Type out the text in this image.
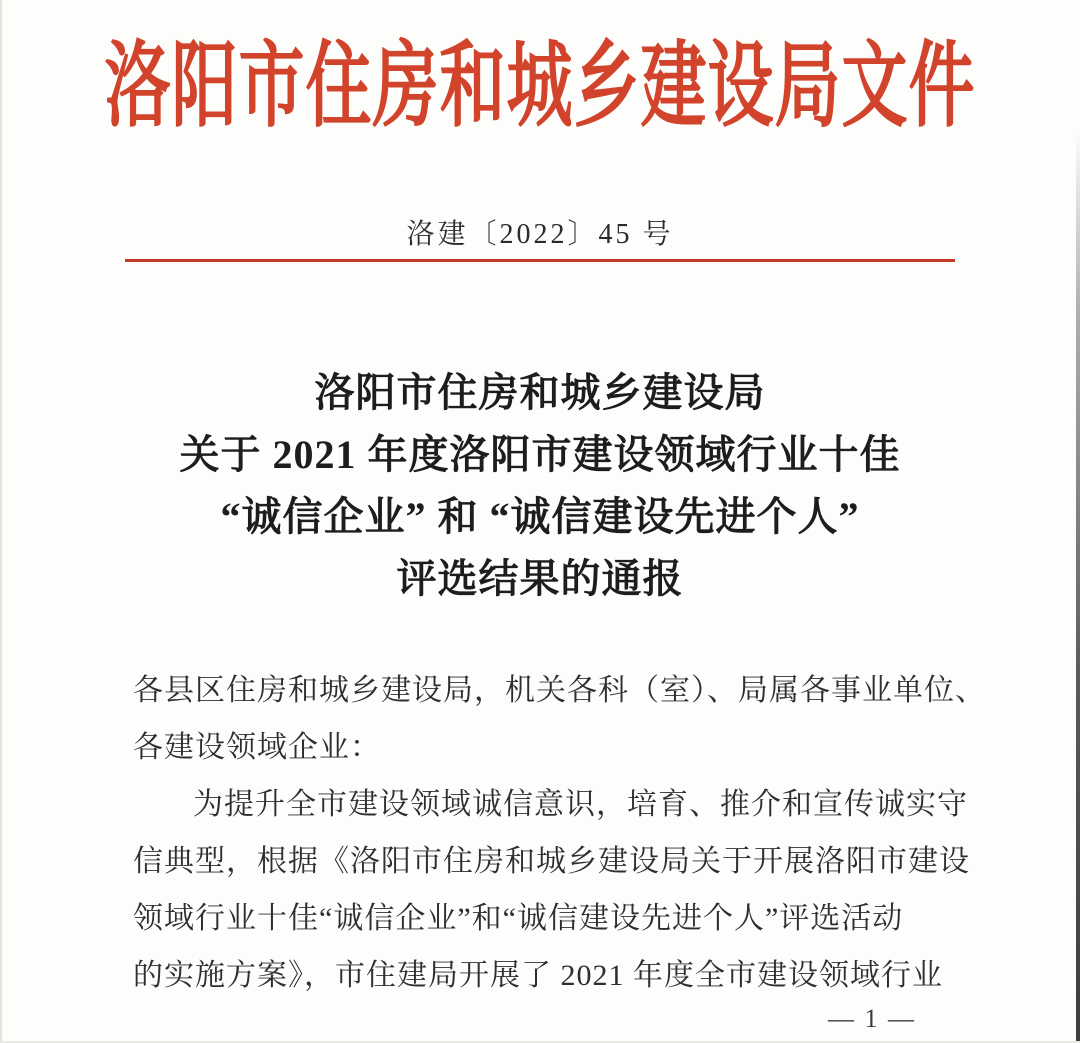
洛阳市住房和城乡建设局文件
洛建〔2022〕45 号
洛阳市住房和城乡建设局
关于 2021 年度洛阳市建设领域行业十佳
“诚信企业” 和 “诚信建设先进个人”
评选结果的通报
各县区住房和城乡建设局，机关各科（室）、局属各事业单位、
各建设领域企业：
为提升全市建设领域诚信意识，培育、推介和宣传诚实守
信典型，根据《洛阳市住房和城乡建设局关于开展洛阳市建设
领域行业十佳“诚信企业”和“诚信建设先进个人”评选活动
的实施方案》，市住建局开展了 2021 年度全市建设领域行业
— 1 —
